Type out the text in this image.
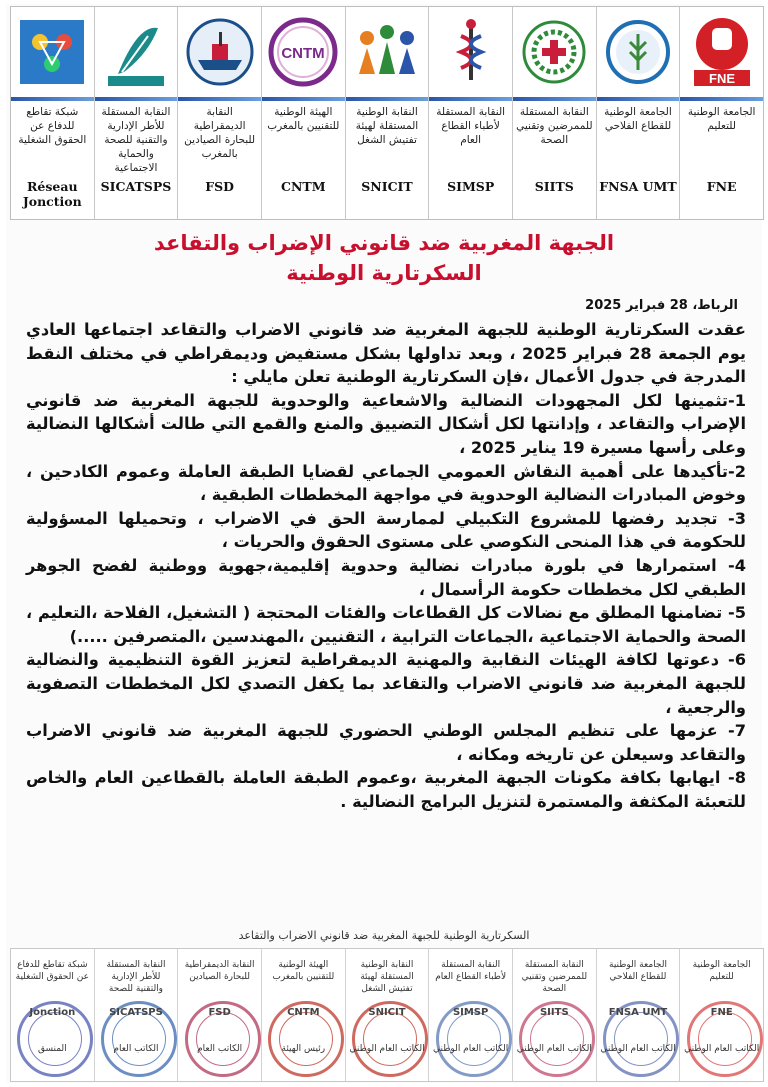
FNE
الجامعة الوطنية للتعليم
FNE
الجامعة الوطنية للقطاع الفلاحي
FNSA UMT
النقابة المستقلة للممرضين وتقنيي الصحة
SIITS
النقابة المستقلة لأطباء القطاع العام
SIMSP
النقابة الوطنية المستقلة لهيئة تفتيش الشغل
SNICIT
CNTM
الهيئة الوطنية للتقنيين بالمغرب
CNTM
النقابة الديمقراطية للبحارة الصيادين بالمغرب
FSD
النقابة المستقلة للأطر الإدارية والتقنية للصحة والحماية الاجتماعية
SICATSPS
شبكة تقاطع للدفاع عن الحقوق الشغلية
Réseau Jonction
الجبهة المغربية ضد قانوني الإضراب والتقاعد
السكرتارية الوطنية
الرباط، 28 فبراير 2025

عقدت السكرتارية الوطنية للجبهة المغربية ضد قانوني الاضراب والتقاعد اجتماعها العادي يوم الجمعة 28 فبراير 2025 ، وبعد تداولها بشكل مستفيض وديمقراطي في مختلف النقط المدرجة في جدول الأعمال ،فإن السكرتارية الوطنية تعلن مايلي :

1-تثمينها لكل المجهودات النضالية والاشعاعية والوحدوية للجبهة المغربية ضد قانوني الإضراب والتقاعد ، وإدانتها لكل أشكال التضييق والمنع والقمع التي طالت أشكالها النضالية وعلى رأسها مسيرة 19 يناير 2025 ،

2-تأكيدها على أهمية النقاش العمومي الجماعي لقضايا الطبقة العاملة وعموم الكادحين ، وخوض المبادرات النضالية الوحدوية في مواجهة المخططات الطبقية ،

3- تجديد رفضها للمشروع التكبيلي لممارسة الحق في الاضراب ، وتحميلها المسؤولية للحكومة في هذا المنحى النكوصي على مستوى الحقوق والحريات ،

4- استمرارها في بلورة مبادرات نضالية وحدوية إقليمية،جهوية ووطنية لفضح الجوهر الطبقي لكل مخططات حكومة الرأسمال ،

5- تضامنها المطلق مع نضالات كل القطاعات والفئات المحتجة ( التشغيل، الفلاحة ،التعليم ، الصحة والحماية الاجتماعية ،الجماعات الترابية ، التقنيين ،المهندسين ،المتصرفين .....)

6- دعوتها لكافة الهيئات النقابية والمهنية الديمقراطية لتعزيز القوة التنظيمية والنضالية للجبهة المغربية ضد قانوني الاضراب والتقاعد بما يكفل التصدي لكل المخططات التصفوية والرجعية ،

7- عزمها على تنظيم المجلس الوطني الحضوري للجبهة المغربية ضد قانوني الاضراب والتقاعد وسيعلن عن تاريخه ومكانه ،

8- ايهابها بكافة مكونات الجبهة المغربية ،وعموم الطبقة العاملة بالقطاعين العام والخاص للتعبئة المكثفة والمستمرة لتنزيل البرامج النضالية .

السكرتارية الوطنية للجبهة المغربية ضد قانوني الاضراب والتقاعد
الجامعة الوطنية للتعليم
FNE
الكاتب العام الوطني
الجامعة الوطنية للقطاع الفلاحي
FNSA UMT
الكاتب العام الوطني
النقابة المستقلة للممرضين وتقنيي الصحة
SIITS
الكاتب العام الوطني
النقابة المستقلة لأطباء القطاع العام
SIMSP
الكاتب العام الوطني
النقابة الوطنية المستقلة لهيئة تفتيش الشغل
SNICIT
الكاتب العام الوطني
الهيئة الوطنية للتقنيين بالمغرب
CNTM
رئيس الهيئة
النقابة الديمقراطية للبحارة الصيادين
FSD
الكاتب العام
النقابة المستقلة للأطر الإدارية والتقنية للصحة
SICATSPS
الكاتب العام
شبكة تقاطع للدفاع عن الحقوق الشغلية
Jonction
المنسق
